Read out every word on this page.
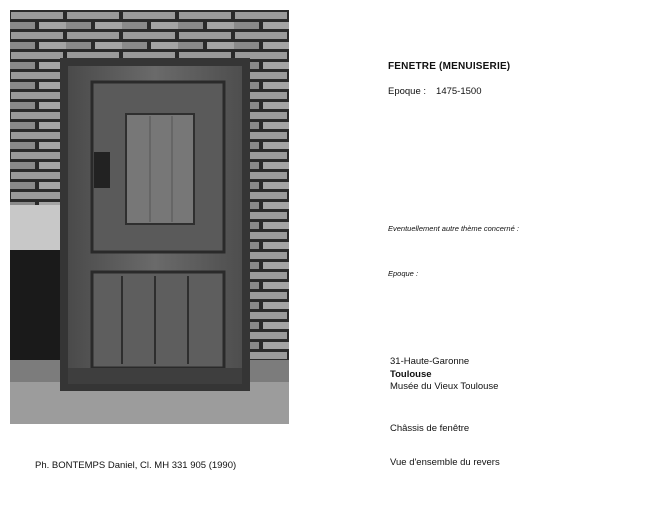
FENETRE (MENUISERIE)
Epoque : 1475-1500
Eventuellement autre thème concerné :
Epoque :
31-Haute-Garonne
Toulouse
Musée du Vieux Toulouse
Châssis de fenêtre
Vue d'ensemble du revers
Ph. BONTEMPS Daniel, Cl. MH 331 905 (1990)
